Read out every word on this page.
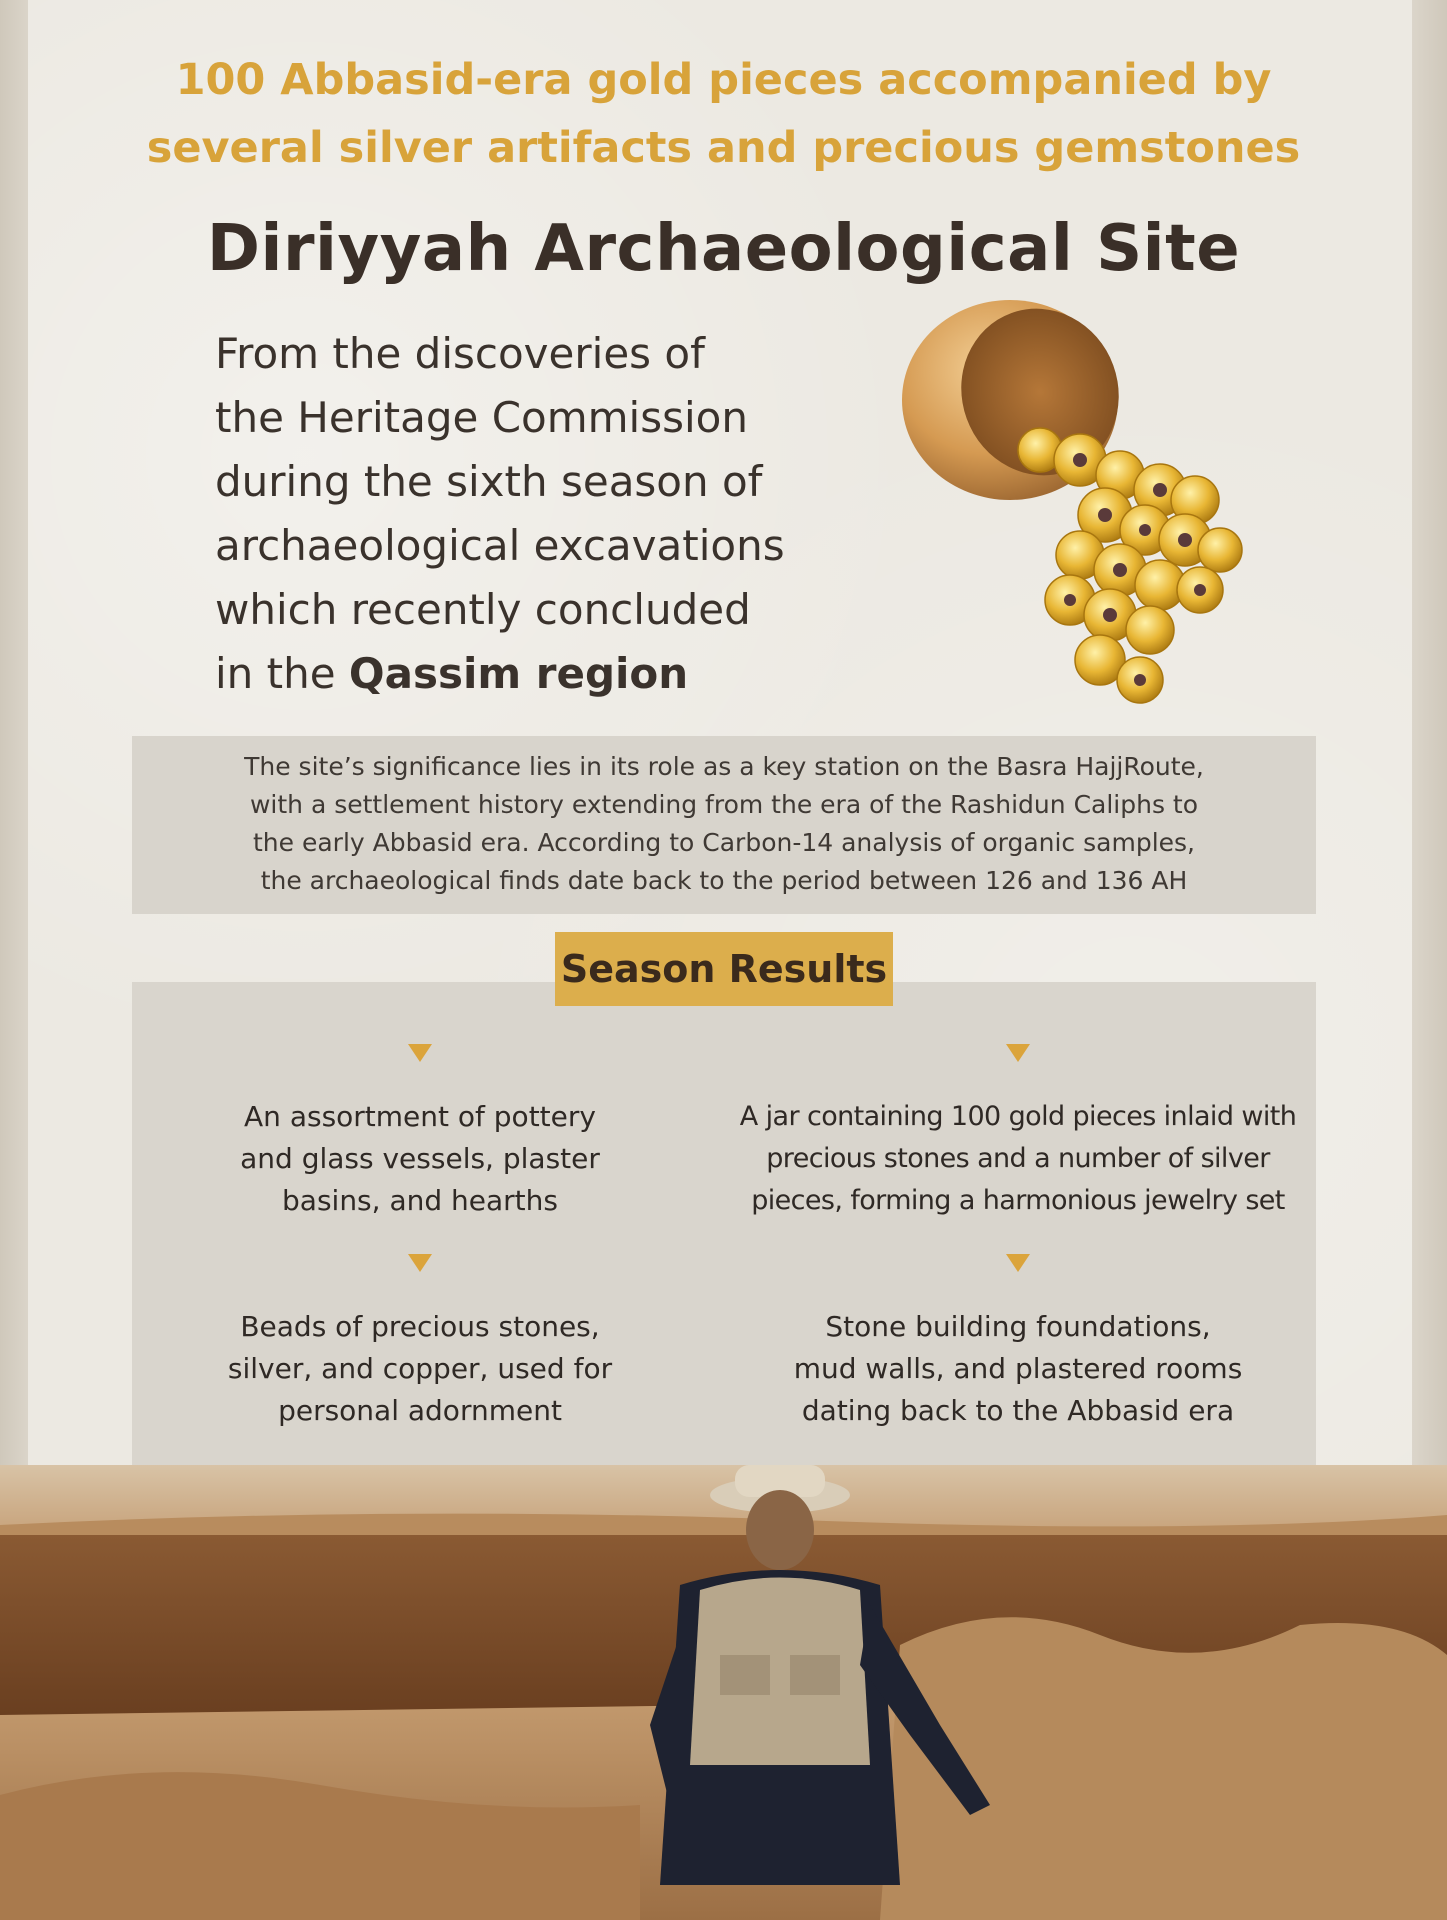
100 Abbasid-era gold pieces accompanied by
several silver artifacts and precious gemstones
Diriyyah Archaeological Site
From the discoveries of
the Heritage Commission
during the sixth season of
archaeological excavations
which recently concluded
in the Qassim region
The site’s significance lies in its role as a key station on the Basra HajjRoute,
with a settlement history extending from the era of the Rashidun Caliphs to
the early Abbasid era. According to Carbon-14 analysis of organic samples,
the archaeological finds date back to the period between 126 and 136 AH
Season Results
An assortment of pottery
and glass vessels, plaster
basins, and hearths
A jar containing 100 gold pieces inlaid with
precious stones and a number of silver
pieces, forming a harmonious jewelry set
Beads of precious stones,
silver, and copper, used for
personal adornment
Stone building foundations,
mud walls, and plastered rooms
dating back to the Abbasid era
